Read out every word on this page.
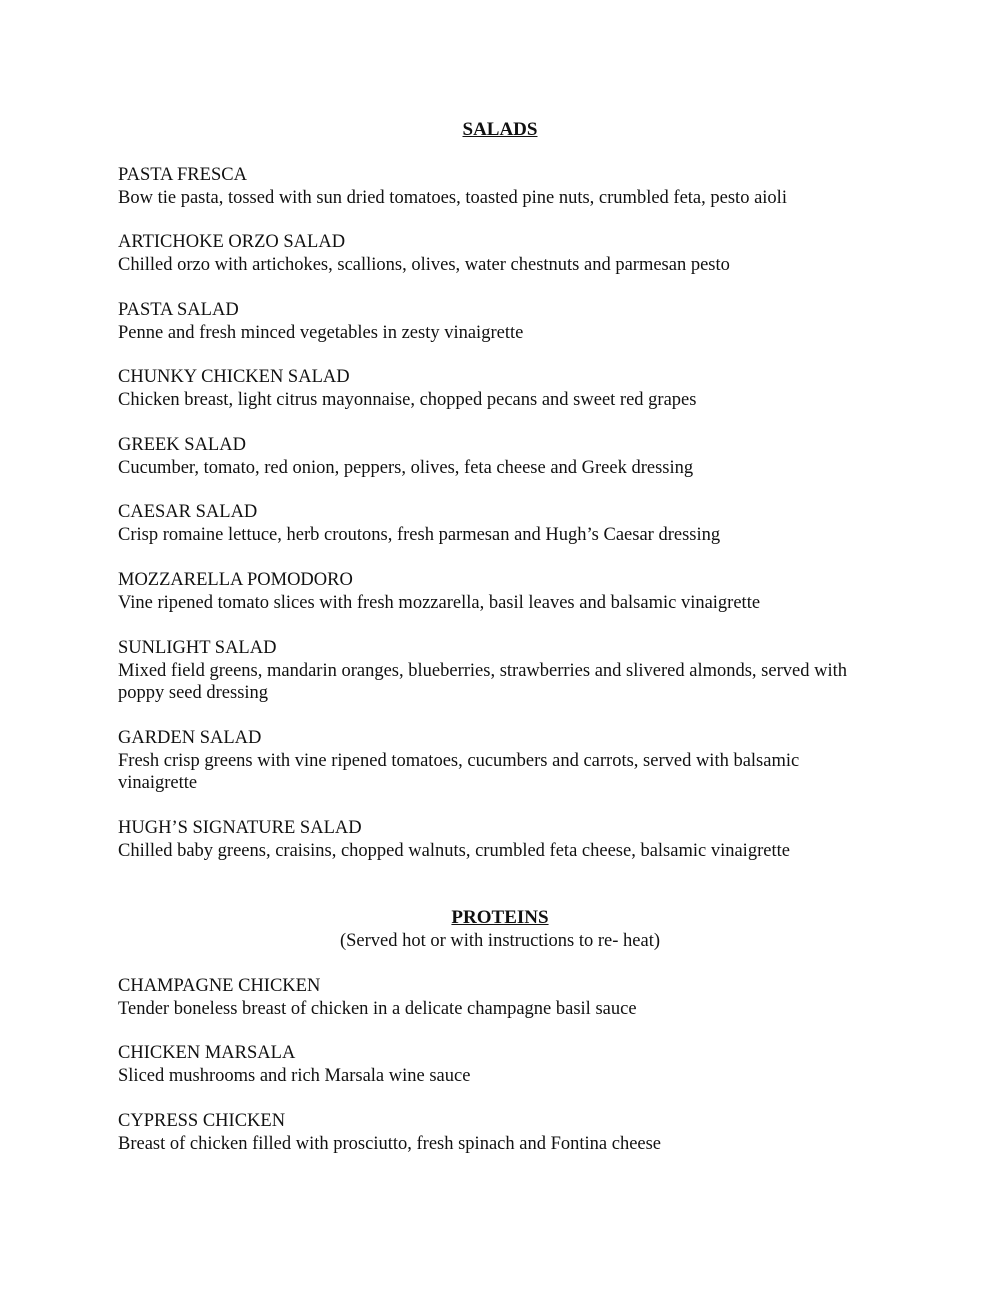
SALADS
PASTA FRESCA
Bow tie pasta, tossed with sun dried tomatoes, toasted pine nuts, crumbled feta, pesto aioli
ARTICHOKE ORZO SALAD
Chilled orzo with artichokes, scallions, olives, water chestnuts and parmesan pesto
PASTA SALAD
Penne and fresh minced vegetables in zesty vinaigrette
CHUNKY CHICKEN SALAD
Chicken breast, light citrus mayonnaise, chopped pecans and sweet red grapes
GREEK SALAD
Cucumber, tomato, red onion, peppers, olives, feta cheese and Greek dressing
CAESAR SALAD
Crisp romaine lettuce, herb croutons, fresh parmesan and Hugh’s Caesar dressing
MOZZARELLA POMODORO
Vine ripened tomato slices with fresh mozzarella, basil leaves and balsamic vinaigrette
SUNLIGHT SALAD
Mixed field greens, mandarin oranges, blueberries, strawberries and slivered almonds, served with poppy seed dressing
GARDEN SALAD
Fresh crisp greens with vine ripened tomatoes, cucumbers and carrots, served with balsamic vinaigrette
HUGH’S SIGNATURE SALAD
Chilled baby greens, craisins, chopped walnuts, crumbled feta cheese, balsamic vinaigrette
PROTEINS

(Served hot or with instructions to re- heat)

CHAMPAGNE CHICKEN
Tender boneless breast of chicken in a delicate champagne basil sauce
CHICKEN MARSALA
Sliced mushrooms and rich Marsala wine sauce
CYPRESS CHICKEN
Breast of chicken filled with prosciutto, fresh spinach and Fontina cheese
